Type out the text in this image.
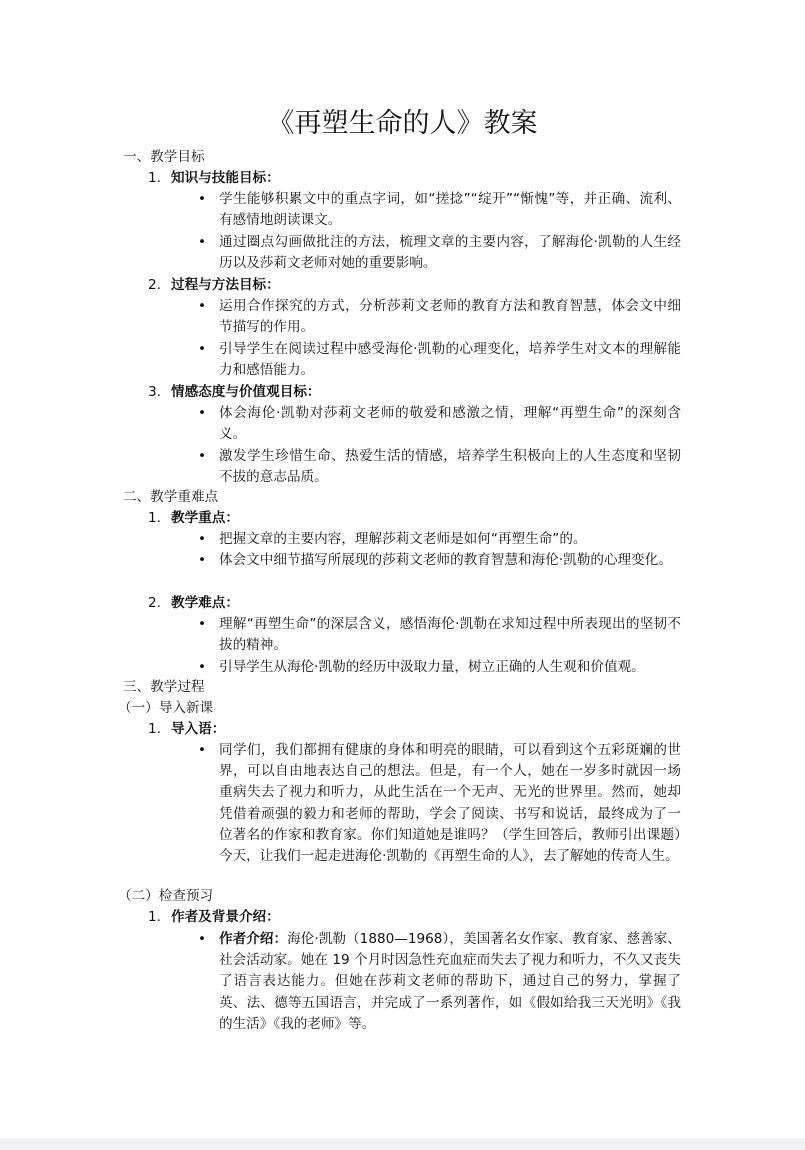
《再塑生命的人》教案
一、教学目标
1. 知识与技能目标：
• 学生能够积累文中的重点字词，如“搓捻”“绽开”“惭愧”等，并正确、流利、有感情地朗读课文。
• 通过圈点勾画做批注的方法，梳理文章的主要内容，了解海伦·凯勒的人生经历以及莎莉文老师对她的重要影响。
2. 过程与方法目标：
• 运用合作探究的方式，分析莎莉文老师的教育方法和教育智慧，体会文中细节描写的作用。
• 引导学生在阅读过程中感受海伦·凯勒的心理变化，培养学生对文本的理解能力和感悟能力。
3. 情感态度与价值观目标：
• 体会海伦·凯勒对莎莉文老师的敬爱和感激之情，理解“再塑生命”的深刻含义。
• 激发学生珍惜生命、热爱生活的情感，培养学生积极向上的人生态度和坚韧不拔的意志品质。
二、教学重难点
1. 教学重点：
• 把握文章的主要内容，理解莎莉文老师是如何“再塑生命”的。
• 体会文中细节描写所展现的莎莉文老师的教育智慧和海伦·凯勒的心理变化。
2. 教学难点：
• 理解“再塑生命”的深层含义，感悟海伦·凯勒在求知过程中所表现出的坚韧不拔的精神。
• 引导学生从海伦·凯勒的经历中汲取力量，树立正确的人生观和价值观。
三、教学过程
（一）导入新课
1. 导入语：
• 同学们，我们都拥有健康的身体和明亮的眼睛，可以看到这个五彩斑斓的世界，可以自由地表达自己的想法。但是，有一个人，她在一岁多时就因一场重病失去了视力和听力，从此生活在一个无声、无光的世界里。然而，她却凭借着顽强的毅力和老师的帮助，学会了阅读、书写和说话，最终成为了一位著名的作家和教育家。你们知道她是谁吗？（学生回答后，教师引出课题）今天，让我们一起走进海伦·凯勒的《再塑生命的人》，去了解她的传奇人生。
（二）检查预习
1. 作者及背景介绍：
• 作者介绍：海伦·凯勒（1880—1968），美国著名女作家、教育家、慈善家、社会活动家。她在 19 个月时因急性充血症而失去了视力和听力，不久又丧失了语言表达能力。但她在莎莉文老师的帮助下，通过自己的努力，掌握了英、法、德等五国语言，并完成了一系列著作，如《假如给我三天光明》《我的生活》《我的老师》等。
